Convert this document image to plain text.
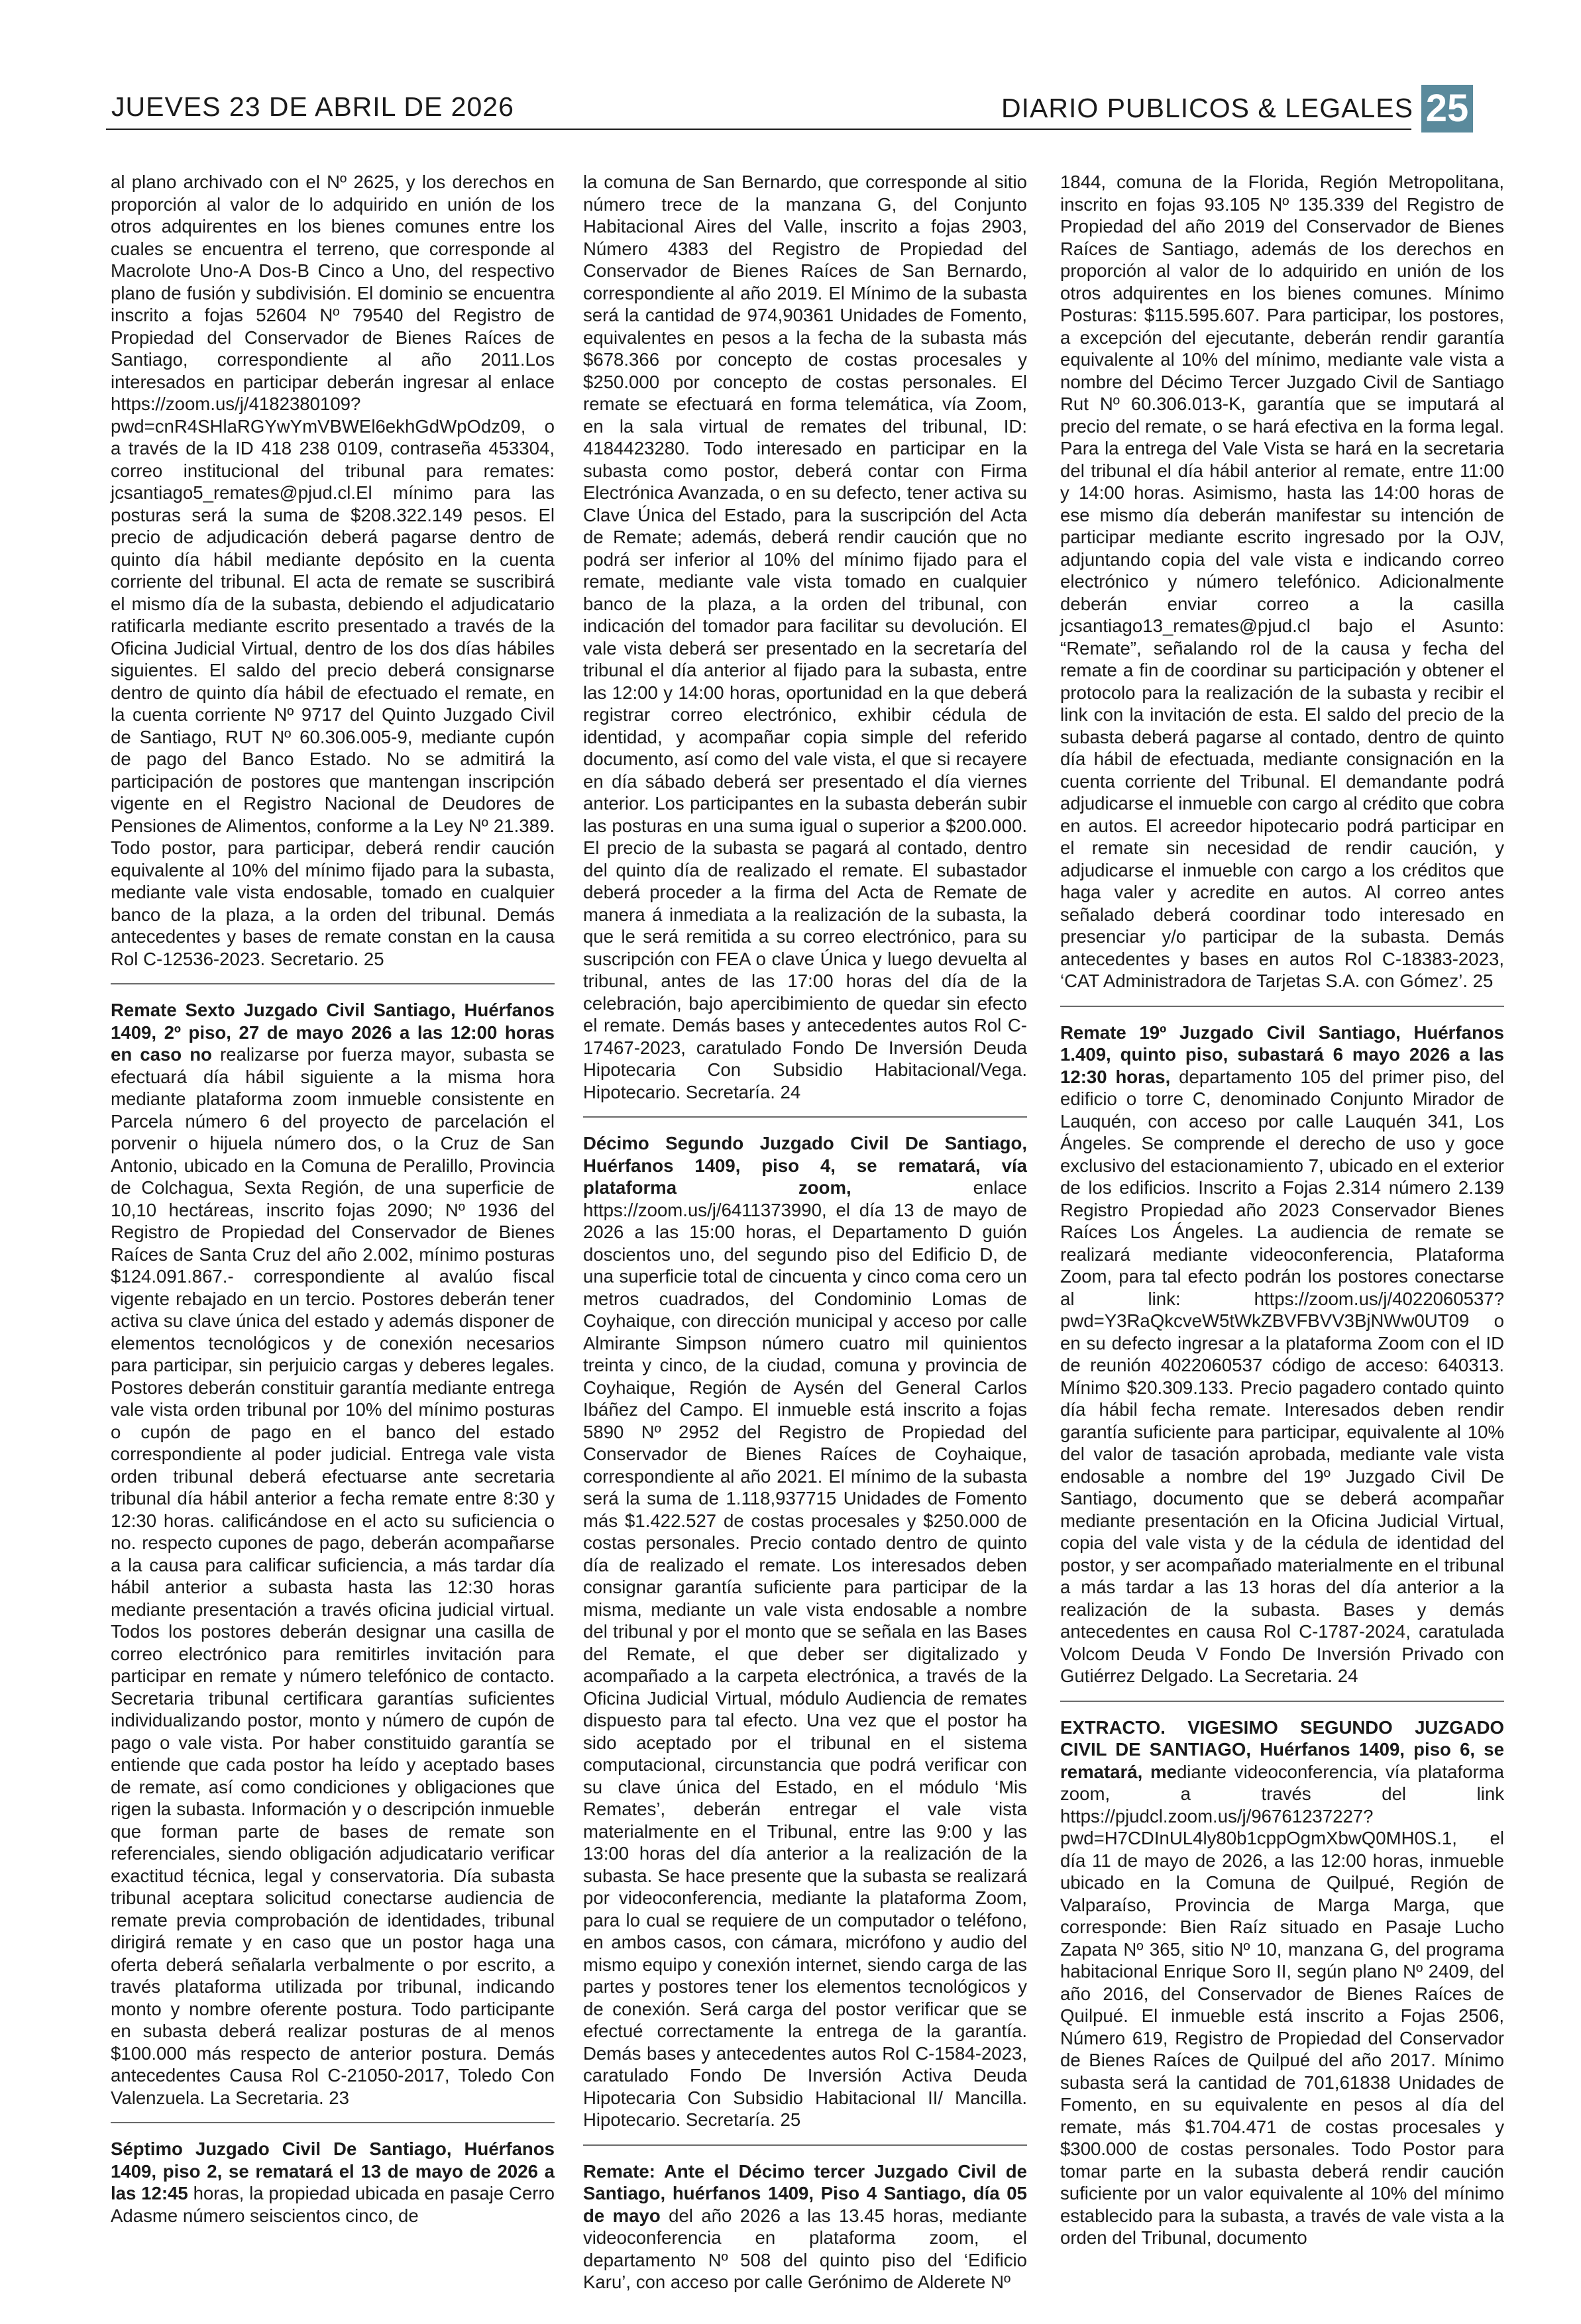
JUEVES 23 DE ABRIL DE 2026	DIARIO PUBLICOS & LEGALES 25

al plano archivado con el Nº 2625, y los derechos en proporción al valor de lo adquirido en unión de los otros adquirentes en los bienes comunes entre los cuales se encuentra el terreno, que corresponde al Macrolote Uno-A Dos-B Cinco a Uno, del respectivo plano de fusión y subdivisión. El dominio se encuentra inscrito a fojas 52604 Nº 79540 del Registro de Propiedad del Conservador de Bienes Raíces de Santiago, correspondiente al año 2011.Los interesados en participar deberán ingresar al enlace https://zoom.us/j/4182380109?pwd=cnR4SHlaRGYwYmVBWEl6ekhGdWpOdz09, o a través de la ID 418 238 0109, contraseña 453304, correo institucional del tribunal para remates: jcsantiago5_remates@pjud.cl.El mínimo para las posturas será la suma de $208.322.149 pesos. El precio de adjudicación deberá pagarse dentro de quinto día hábil mediante depósito en la cuenta corriente del tribunal. El acta de remate se suscribirá el mismo día de la subasta, debiendo el adjudicatario ratificarla mediante escrito presentado a través de la Oficina Judicial Virtual, dentro de los dos días hábiles siguientes. El saldo del precio deberá consignarse dentro de quinto día hábil de efectuado el remate, en la cuenta corriente Nº 9717 del Quinto Juzgado Civil de Santiago, RUT Nº 60.306.005-9, mediante cupón de pago del Banco Estado. No se admitirá la participación de postores que mantengan inscripción vigente en el Registro Nacional de Deudores de Pensiones de Alimentos, conforme a la Ley Nº 21.389. Todo postor, para participar, deberá rendir caución equivalente al 10% del mínimo fijado para la subasta, mediante vale vista endosable, tomado en cualquier banco de la plaza, a la orden del tribunal. Demás antecedentes y bases de remate constan en la causa Rol C-12536-2023. Secretario. 25

Remate Sexto Juzgado Civil Santiago, Huérfanos 1409, 2º piso, 27 de mayo 2026 a las 12:00 horas en caso no realizarse por fuerza mayor, subasta se efectuará día hábil siguiente a la misma hora mediante plataforma zoom inmueble consistente en Parcela número 6 del proyecto de parcelación el porvenir o hijuela número dos, o la Cruz de San Antonio, ubicado en la Comuna de Peralillo, Provincia de Colchagua, Sexta Región, de una superficie de 10,10 hectáreas, inscrito fojas 2090; Nº 1936 del Registro de Propiedad del Conservador de Bienes Raíces de Santa Cruz del año 2.002, mínimo posturas $124.091.867.- correspondiente al avalúo fiscal vigente rebajado en un tercio. Postores deberán tener activa su clave única del estado y además disponer de elementos tecnológicos y de conexión necesarios para participar, sin perjuicio cargas y deberes legales. Postores deberán constituir garantía mediante entrega vale vista orden tribunal por 10% del mínimo posturas o cupón de pago en el banco del estado correspondiente al poder judicial. Entrega vale vista orden tribunal deberá efectuarse ante secretaria tribunal día hábil anterior a fecha remate entre 8:30 y 12:30 horas. calificándose en el acto su suficiencia o no. respecto cupones de pago, deberán acompañarse a la causa para calificar suficiencia, a más tardar día hábil anterior a subasta hasta las 12:30 horas mediante presentación a través oficina judicial virtual. Todos los postores deberán designar una casilla de correo electrónico para remitirles invitación para participar en remate y número telefónico de contacto. Secretaria tribunal certificara garantías suficientes individualizando postor, monto y número de cupón de pago o vale vista. Por haber constituido garantía se entiende que cada postor ha leído y aceptado bases de remate, así como condiciones y obligaciones que rigen la subasta. Información y o descripción inmueble que forman parte de bases de remate son referenciales, siendo obligación adjudicatario verificar exactitud técnica, legal y conservatoria. Día subasta tribunal aceptara solicitud conectarse audiencia de remate previa comprobación de identidades, tribunal dirigirá remate y en caso que un postor haga una oferta deberá señalarla verbalmente o por escrito, a través plataforma utilizada por tribunal, indicando monto y nombre oferente postura. Todo participante en subasta deberá realizar posturas de al menos $100.000 más respecto de anterior postura. Demás antecedentes Causa Rol C-21050-2017, Toledo Con Valenzuela. La Secretaria. 23

Séptimo Juzgado Civil De Santiago, Huérfanos 1409, piso 2, se rematará el 13 de mayo de 2026 a las 12:45 horas, la propiedad ubicada en pasaje Cerro Adasme número seiscientos cinco, de

la comuna de San Bernardo, que corresponde al sitio número trece de la manzana G, del Conjunto Habitacional Aires del Valle, inscrito a fojas 2903, Número 4383 del Registro de Propiedad del Conservador de Bienes Raíces de San Bernardo, correspondiente al año 2019. El Mínimo de la subasta será la cantidad de 974,90361 Unidades de Fomento, equivalentes en pesos a la fecha de la subasta más $678.366 por concepto de costas procesales y $250.000 por concepto de costas personales. El remate se efectuará en forma telemática, vía Zoom, en la sala virtual de remates del tribunal, ID: 4184423280. Todo interesado en participar en la subasta como postor, deberá contar con Firma Electrónica Avanzada, o en su defecto, tener activa su Clave Única del Estado, para la suscripción del Acta de Remate; además, deberá rendir caución que no podrá ser inferior al 10% del mínimo fijado para el remate, mediante vale vista tomado en cualquier banco de la plaza, a la orden del tribunal, con indicación del tomador para facilitar su devolución. El vale vista deberá ser presentado en la secretaría del tribunal el día anterior al fijado para la subasta, entre las 12:00 y 14:00 horas, oportunidad en la que deberá registrar correo electrónico, exhibir cédula de identidad, y acompañar copia simple del referido documento, así como del vale vista, el que si recayere en día sábado deberá ser presentado el día viernes anterior. Los participantes en la subasta deberán subir las posturas en una suma igual o superior a $200.000. El precio de la subasta se pagará al contado, dentro del quinto día de realizado el remate. El subastador deberá proceder a la firma del Acta de Remate de manera á inmediata a la realización de la subasta, la que le será remitida a su correo electrónico, para su suscripción con FEA o clave Única y luego devuelta al tribunal, antes de las 17:00 horas del día de la celebración, bajo apercibimiento de quedar sin efecto el remate. Demás bases y antecedentes autos Rol C-17467-2023, caratulado Fondo De Inversión Deuda Hipotecaria Con Subsidio Habitacional/Vega. Hipotecario. Secretaría. 24

Décimo Segundo Juzgado Civil De Santiago, Huérfanos 1409, piso 4, se rematará, vía plataforma zoom,	enlace https://zoom.us/j/6411373990, el día 13 de mayo de 2026 a las 15:00 horas, el Departamento D guión doscientos uno, del segundo piso del Edificio D, de una superficie total de cincuenta y cinco coma cero un metros cuadrados, del Condominio Lomas de Coyhaique, con dirección municipal y acceso por calle Almirante Simpson número cuatro mil quinientos treinta y cinco, de la ciudad, comuna y provincia de Coyhaique, Región de Aysén del General Carlos Ibáñez del Campo. El inmueble está inscrito a fojas 5890 Nº 2952 del Registro de Propiedad del Conservador de Bienes Raíces de Coyhaique, correspondiente al año 2021. El mínimo de la subasta será la suma de 1.118,937715 Unidades de Fomento más $1.422.527 de costas procesales y $250.000 de costas personales. Precio contado dentro de quinto día de realizado el remate. Los interesados deben consignar garantía suficiente para participar de la misma, mediante un vale vista endosable a nombre del tribunal y por el monto que se señala en las Bases del Remate, el que deber ser digitalizado y acompañado a la carpeta electrónica, a través de la Oficina Judicial Virtual, módulo Audiencia de remates dispuesto para tal efecto. Una vez que el postor ha sido aceptado por el tribunal en el sistema computacional, circunstancia que podrá verificar con su clave única del Estado, en el módulo ‘Mis Remates’, deberán entregar el vale vista materialmente en el Tribunal, entre las 9:00 y las 13:00 horas del día anterior a la realización de la subasta. Se hace presente que la subasta se realizará por videoconferencia, mediante la plataforma Zoom, para lo cual se requiere de un computador o teléfono, en ambos casos, con cámara, micrófono y audio del mismo equipo y conexión internet, siendo carga de las partes y postores tener los elementos tecnológicos y de conexión. Será carga del postor verificar que se efectué correctamente la entrega de la garantía. Demás bases y antecedentes autos Rol C-1584-2023, caratulado Fondo De Inversión Activa Deuda Hipotecaria Con Subsidio Habitacional II/ Mancilla. Hipotecario. Secretaría. 25

Remate: Ante el Décimo tercer Juzgado Civil de Santiago, huérfanos 1409, Piso 4 Santiago, día 05 de mayo del año 2026 a las 13.45 horas, mediante videoconferencia en plataforma zoom, el departamento Nº 508 del quinto piso del ‘Edificio Karu’, con acceso por calle Gerónimo de Alderete Nº

1844, comuna de la Florida, Región Metropolitana, inscrito en fojas 93.105 Nº 135.339 del Registro de Propiedad del año 2019 del Conservador de Bienes Raíces de Santiago, además de los derechos en proporción al valor de lo adquirido en unión de los otros adquirentes en los bienes comunes. Mínimo Posturas: $115.595.607. Para participar, los postores, a excepción del ejecutante, deberán rendir garantía equivalente al 10% del mínimo, mediante vale vista a nombre del Décimo Tercer Juzgado Civil de Santiago Rut Nº 60.306.013-K, garantía que se imputará al precio del remate, o se hará efectiva en la forma legal. Para la entrega del Vale Vista se hará en la secretaria del tribunal el día hábil anterior al remate, entre 11:00 y 14:00 horas. Asimismo, hasta las 14:00 horas de ese mismo día deberán manifestar su intención de participar mediante escrito ingresado por la OJV, adjuntando copia del vale vista e indicando correo electrónico y número telefónico. Adicionalmente deberán enviar correo a la casilla jcsantiago13_remates@pjud.cl bajo el Asunto: “Remate”, señalando rol de la causa y fecha del remate a fin de coordinar su participación y obtener el protocolo para la realización de la subasta y recibir el link con la invitación de esta. El saldo del precio de la subasta deberá pagarse al contado, dentro de quinto día hábil de efectuada, mediante consignación en la cuenta corriente del Tribunal. El demandante podrá adjudicarse el inmueble con cargo al crédito que cobra en autos. El acreedor hipotecario podrá participar en el remate sin necesidad de rendir caución, y adjudicarse el inmueble con cargo a los créditos que haga valer y acredite en autos. Al correo antes señalado deberá coordinar todo interesado en presenciar y/o participar de la subasta. Demás antecedentes y bases en autos Rol C-18383-2023, ‘CAT Administradora de Tarjetas S.A. con Gómez’. 25

Remate 19º Juzgado Civil Santiago, Huérfanos 1.409, quinto piso, subastará 6 mayo 2026 a las 12:30 horas, departamento 105 del primer piso, del edificio o torre C, denominado Conjunto Mirador de Lauquén, con acceso por calle Lauquén 341, Los Ángeles. Se comprende el derecho de uso y goce exclusivo del estacionamiento 7, ubicado en el exterior de los edificios. Inscrito a Fojas 2.314 número 2.139 Registro Propiedad año 2023 Conservador Bienes Raíces Los Ángeles. La audiencia de remate se realizará mediante videoconferencia, Plataforma Zoom, para tal efecto podrán los postores conectarse al link: https://zoom.us/j/4022060537?pwd=Y3RaQkcveW5tWkZBVFBVV3BjNWw0UT09 o en su defecto ingresar a la plataforma Zoom con el ID de reunión 4022060537 código de acceso: 640313. Mínimo $20.309.133. Precio pagadero contado quinto día hábil fecha remate. Interesados deben rendir garantía suficiente para participar, equivalente al 10% del valor de tasación aprobada, mediante vale vista endosable a nombre del 19º Juzgado Civil De Santiago, documento que se deberá acompañar mediante presentación en la Oficina Judicial Virtual, copia del vale vista y de la cédula de identidad del postor, y ser acompañado materialmente en el tribunal a más tardar a las 13 horas del día anterior a la realización de la subasta. Bases y demás antecedentes en causa Rol C-1787-2024, caratulada Volcom Deuda V Fondo De Inversión Privado con Gutiérrez Delgado. La Secretaria. 24

EXTRACTO. VIGESIMO SEGUNDO JUZGADO CIVIL DE SANTIAGO, Huérfanos 1409, piso 6, se rematará, mediante videoconferencia, vía plataforma zoom, a través del link https://pjudcl.zoom.us/j/96761237227?pwd=H7CDInUL4ly80b1cppOgmXbwQ0MH0S.1, el día 11 de mayo de 2026, a las 12:00 horas, inmueble ubicado en la Comuna de Quilpué, Región de Valparaíso, Provincia de Marga Marga, que corresponde: Bien Raíz situado en Pasaje Lucho Zapata Nº 365, sitio Nº 10, manzana G, del programa habitacional Enrique Soro II, según plano Nº 2409, del año 2016, del Conservador de Bienes Raíces de Quilpué. El inmueble está inscrito a Fojas 2506, Número 619, Registro de Propiedad del Conservador de Bienes Raíces de Quilpué del año 2017. Mínimo subasta será la cantidad de 701,61838 Unidades de Fomento, en su equivalente en pesos al día del remate, más $1.704.471 de costas procesales y $300.000 de costas personales. Todo Postor para tomar parte en la subasta deberá rendir caución suficiente por un valor equivalente al 10% del mínimo establecido para la subasta, a través de vale vista a la orden del Tribunal, documento
